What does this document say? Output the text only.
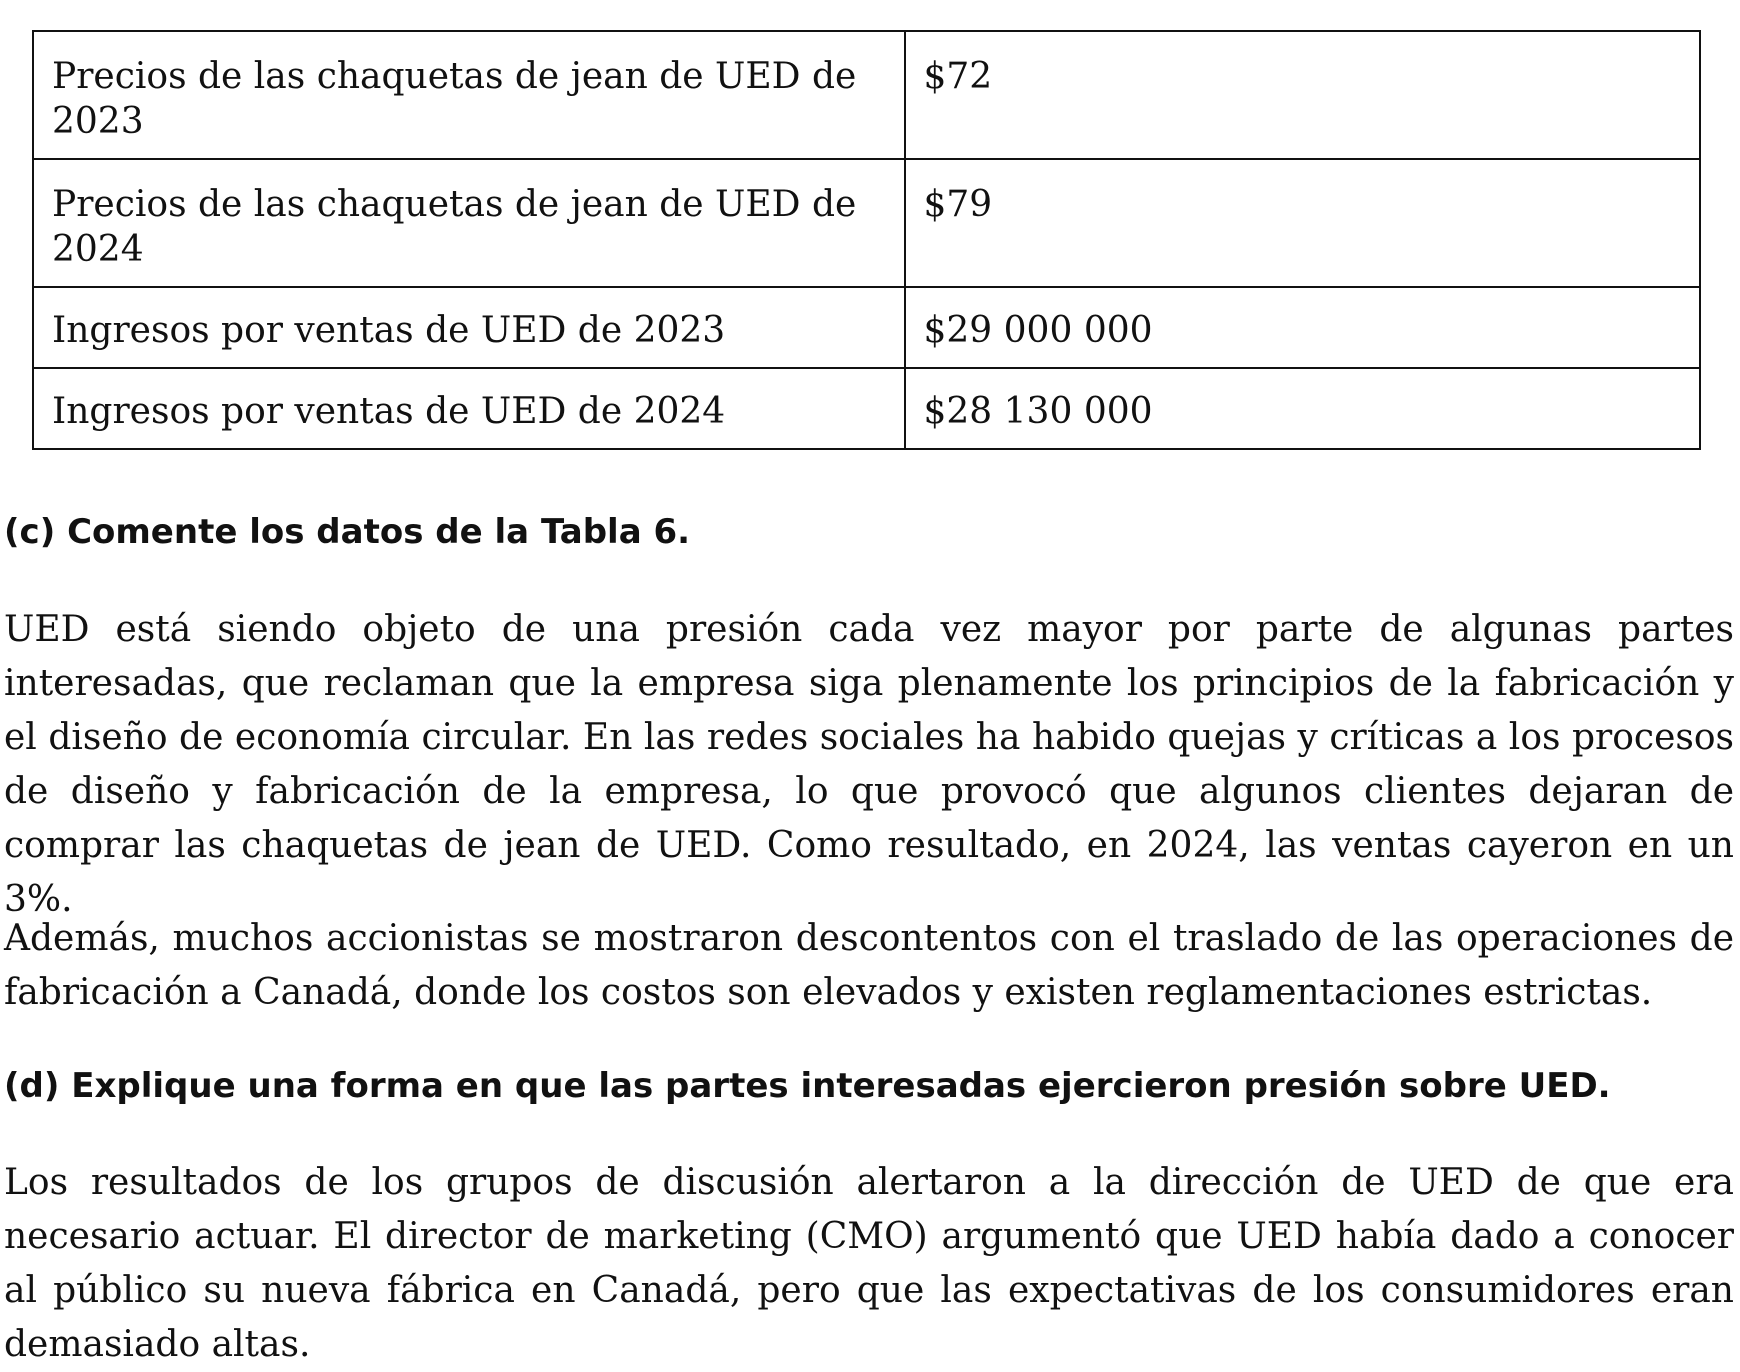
Precios de las chaquetas de jean de UED de 2023	$72
Precios de las chaquetas de jean de UED de 2024	$79
Ingresos por ventas de UED de 2023	$29 000 000
Ingresos por ventas de UED de 2024	$28 130 000

(c) Comente los datos de la Tabla 6.

UED está siendo objeto de una presión cada vez mayor por parte de algunas partes interesadas, que reclaman que la empresa siga plenamente los principios de la fabricación y el diseño de economía circular. En las redes sociales ha habido quejas y críticas a los procesos de diseño y fabricación de la empresa, lo que provocó que algunos clientes dejaran de comprar las chaquetas de jean de UED. Como resultado, en 2024, las ventas cayeron en un 3%.

Además, muchos accionistas se mostraron descontentos con el traslado de las operaciones de fabricación a Canadá, donde los costos son elevados y existen reglamentaciones estrictas.

(d) Explique una forma en que las partes interesadas ejercieron presión sobre UED.

Los resultados de los grupos de discusión alertaron a la dirección de UED de que era necesario actuar. El director de marketing (CMO) argumentó que UED había dado a conocer al público su nueva fábrica en Canadá, pero que las expectativas de los consumidores eran demasiado altas.
